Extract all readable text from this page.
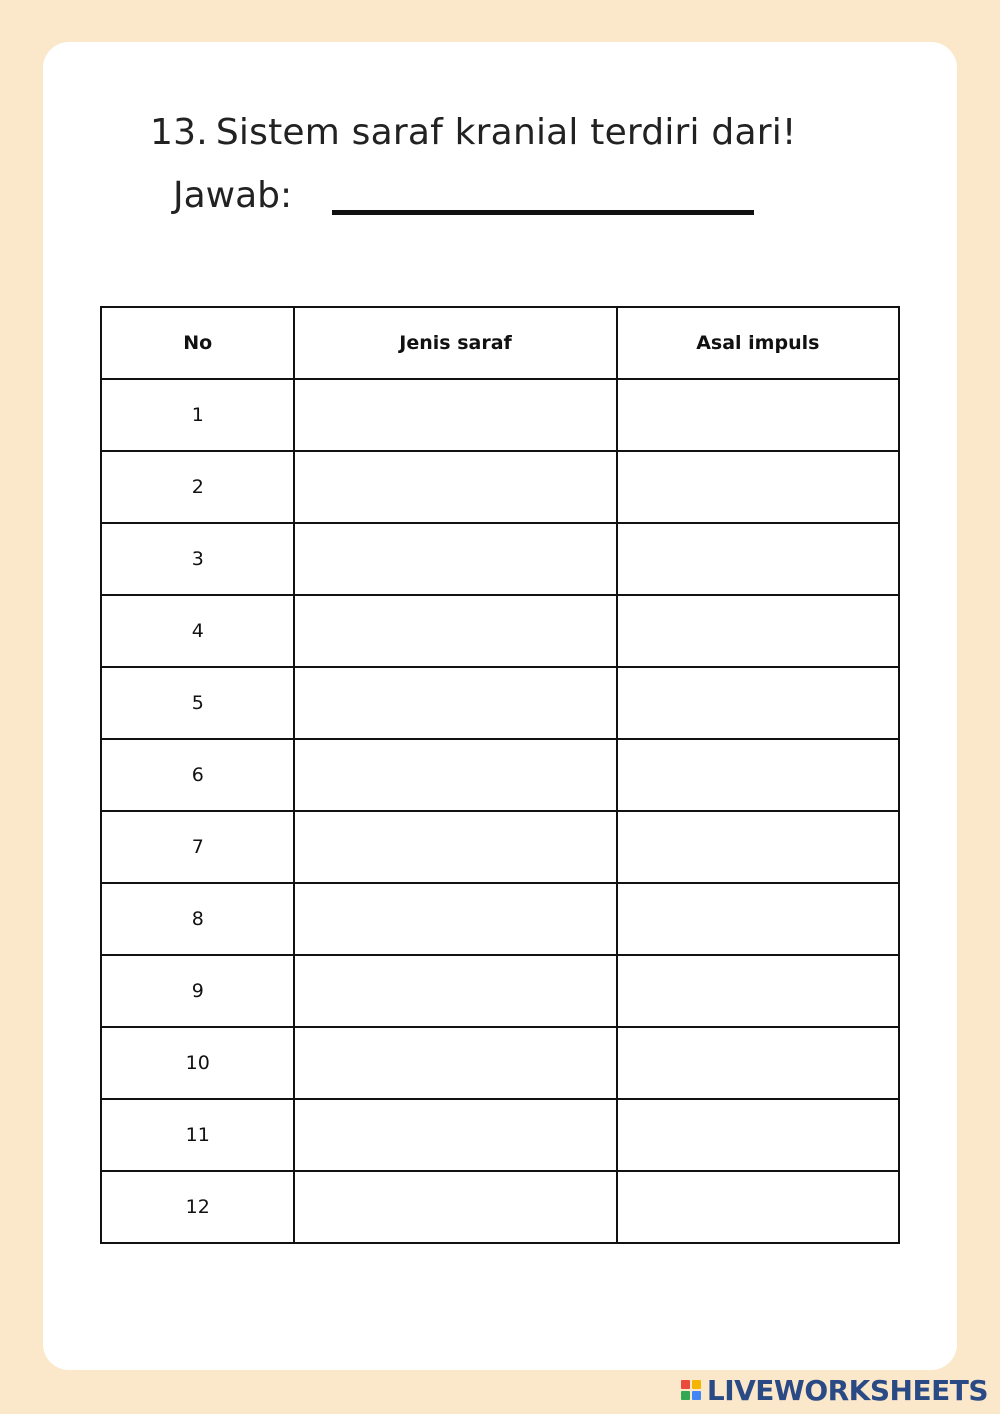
13. Sistem saraf kranial terdiri dari!
Jawab:
No	Jenis saraf	Asal impuls
1		
2		
3		
4		
5		
6		
7		
8		
9		
10		
11		
12		
LIVEWORKSHEETS
